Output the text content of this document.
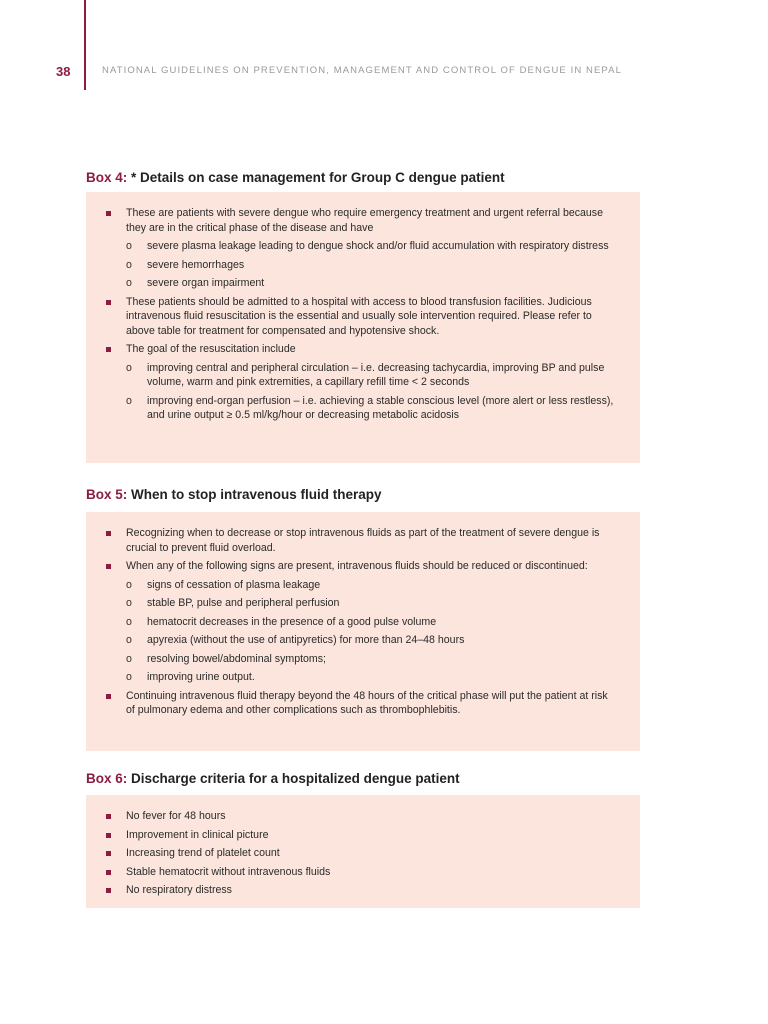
38	NATIONAL GUIDELINES ON PREVENTION, MANAGEMENT AND CONTROL OF DENGUE IN NEPAL
Box 4: * Details on case management for Group C dengue patient
These are patients with severe dengue who require emergency treatment and urgent referral because they are in the critical phase of the disease and have
o severe plasma leakage leading to dengue shock and/or fluid accumulation with respiratory distress
o severe hemorrhages
o severe organ impairment
These patients should be admitted to a hospital with access to blood transfusion facilities. Judicious intravenous fluid resuscitation is the essential and usually sole intervention required. Please refer to above table for treatment for compensated and hypotensive shock.
The goal of the resuscitation include
o improving central and peripheral circulation – i.e. decreasing tachycardia, improving BP and pulse volume, warm and pink extremities, a capillary refill time < 2 seconds
o improving end-organ perfusion – i.e. achieving a stable conscious level (more alert or less restless), and urine output ≥ 0.5 ml/kg/hour or decreasing metabolic acidosis
Box 5: When to stop intravenous fluid therapy
Recognizing when to decrease or stop intravenous fluids as part of the treatment of severe dengue is crucial to prevent fluid overload.
When any of the following signs are present, intravenous fluids should be reduced or discontinued:
o signs of cessation of plasma leakage
o stable BP, pulse and peripheral perfusion
o hematocrit decreases in the presence of a good pulse volume
o apyrexia (without the use of antipyretics) for more than 24–48 hours
o resolving bowel/abdominal symptoms;
o improving urine output.
Continuing intravenous fluid therapy beyond the 48 hours of the critical phase will put the patient at risk of pulmonary edema and other complications such as thrombophlebitis.
Box 6: Discharge criteria for a hospitalized dengue patient
No fever for 48 hours
Improvement in clinical picture
Increasing trend of platelet count
Stable hematocrit without intravenous fluids
No respiratory distress
